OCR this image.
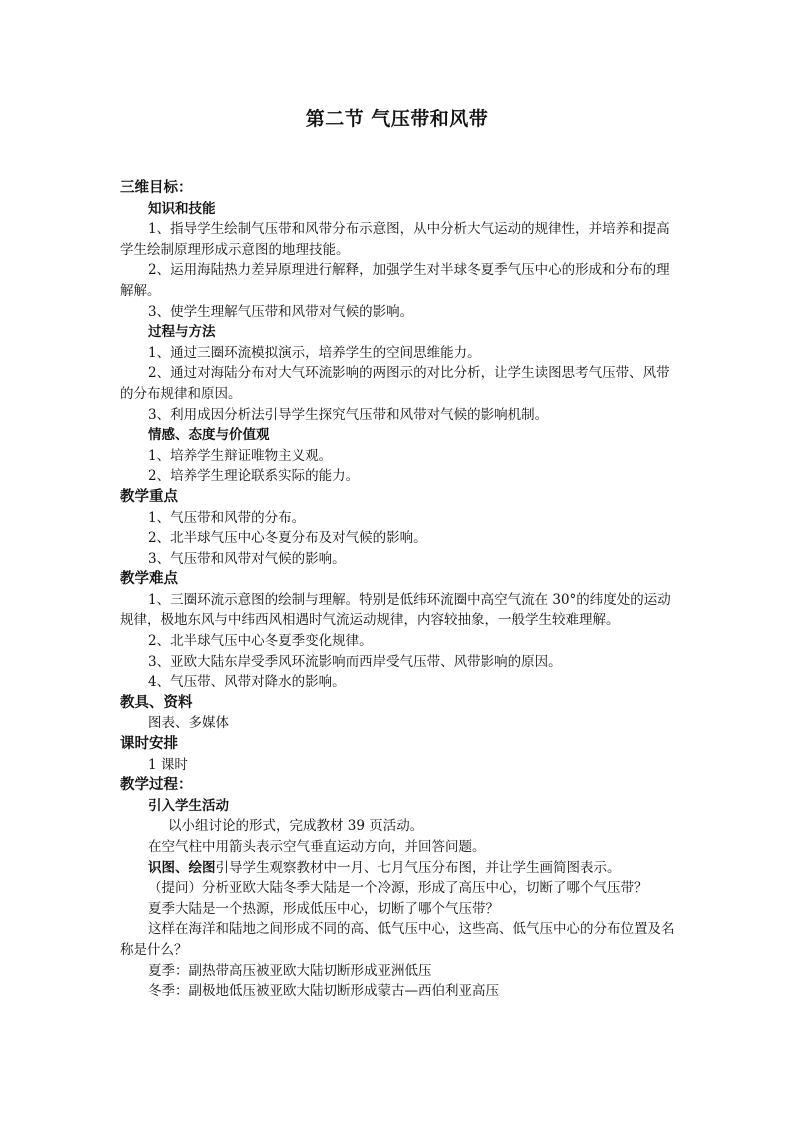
第二节 气压带和风带
三维目标：
知识和技能
1、指导学生绘制气压带和风带分布示意图，从中分析大气运动的规律性，并培养和提高学生绘制原理形成示意图的地理技能。
2、运用海陆热力差异原理进行解释，加强学生对半球冬夏季气压中心的形成和分布的理解解。
3、使学生理解气压带和风带对气候的影响。
过程与方法
1、通过三圈环流模拟演示，培养学生的空间思维能力。
2、通过对海陆分布对大气环流影响的两图示的对比分析，让学生读图思考气压带、风带的分布规律和原因。
3、利用成因分析法引导学生探究气压带和风带对气候的影响机制。
情感、态度与价值观
1、培养学生辩证唯物主义观。
2、培养学生理论联系实际的能力。
教学重点
1、气压带和风带的分布。
2、北半球气压中心冬夏分布及对气候的影响。
3、气压带和风带对气候的影响。
教学难点
1、三圈环流示意图的绘制与理解。特别是低纬环流圈中高空气流在 30°的纬度处的运动规律，极地东风与中纬西风相遇时气流运动规律，内容较抽象，一般学生较难理解。
2、北半球气压中心冬夏季变化规律。
3、亚欧大陆东岸受季风环流影响而西岸受气压带、风带影响的原因。
4、气压带、风带对降水的影响。
教具、资料
图表、多媒体
课时安排
1 课时
教学过程：
引入学生活动
以小组讨论的形式，完成教材 39 页活动。
在空气柱中用箭头表示空气垂直运动方向，并回答问题。
识图、绘图引导学生观察教材中一月、七月气压分布图，并让学生画简图表示。
（提问）分析亚欧大陆冬季大陆是一个冷源，形成了高压中心，切断了哪个气压带？
夏季大陆是一个热源，形成低压中心，切断了哪个气压带？
这样在海洋和陆地之间形成不同的高、低气压中心，这些高、低气压中心的分布位置及名称是什么？
夏季：副热带高压被亚欧大陆切断形成亚洲低压
冬季：副极地低压被亚欧大陆切断形成蒙古—西伯利亚高压
